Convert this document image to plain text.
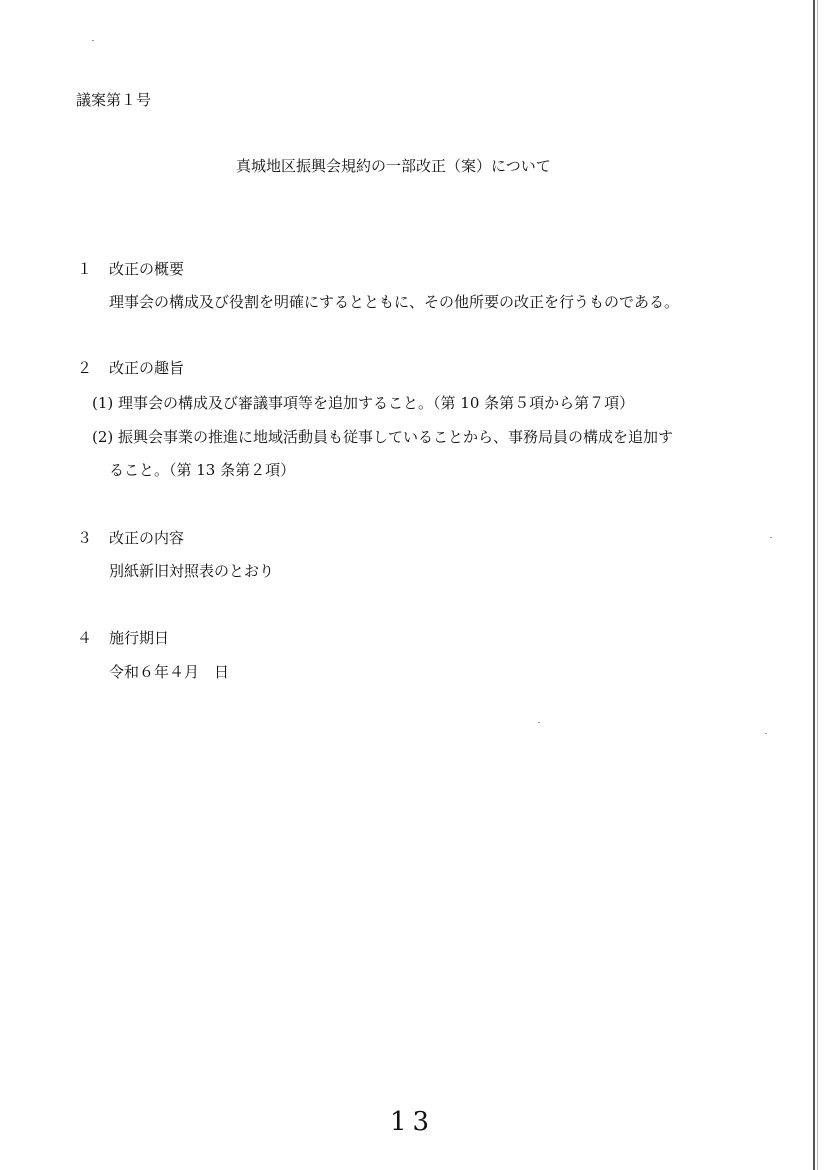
議案第１号
真城地区振興会規約の一部改正（案）について
１ 改正の概要
理事会の構成及び役割を明確にするとともに、その他所要の改正を行うものである。
２ 改正の趣旨
(1) 理事会の構成及び審議事項等を追加すること。（第 10 条第５項から第７項）
(2) 振興会事業の推進に地域活動員も従事していることから、事務局員の構成を追加す
ること。（第 13 条第２項）
３ 改正の内容
別紙新旧対照表のとおり
４ 施行期日
令和６年４月　日
13
